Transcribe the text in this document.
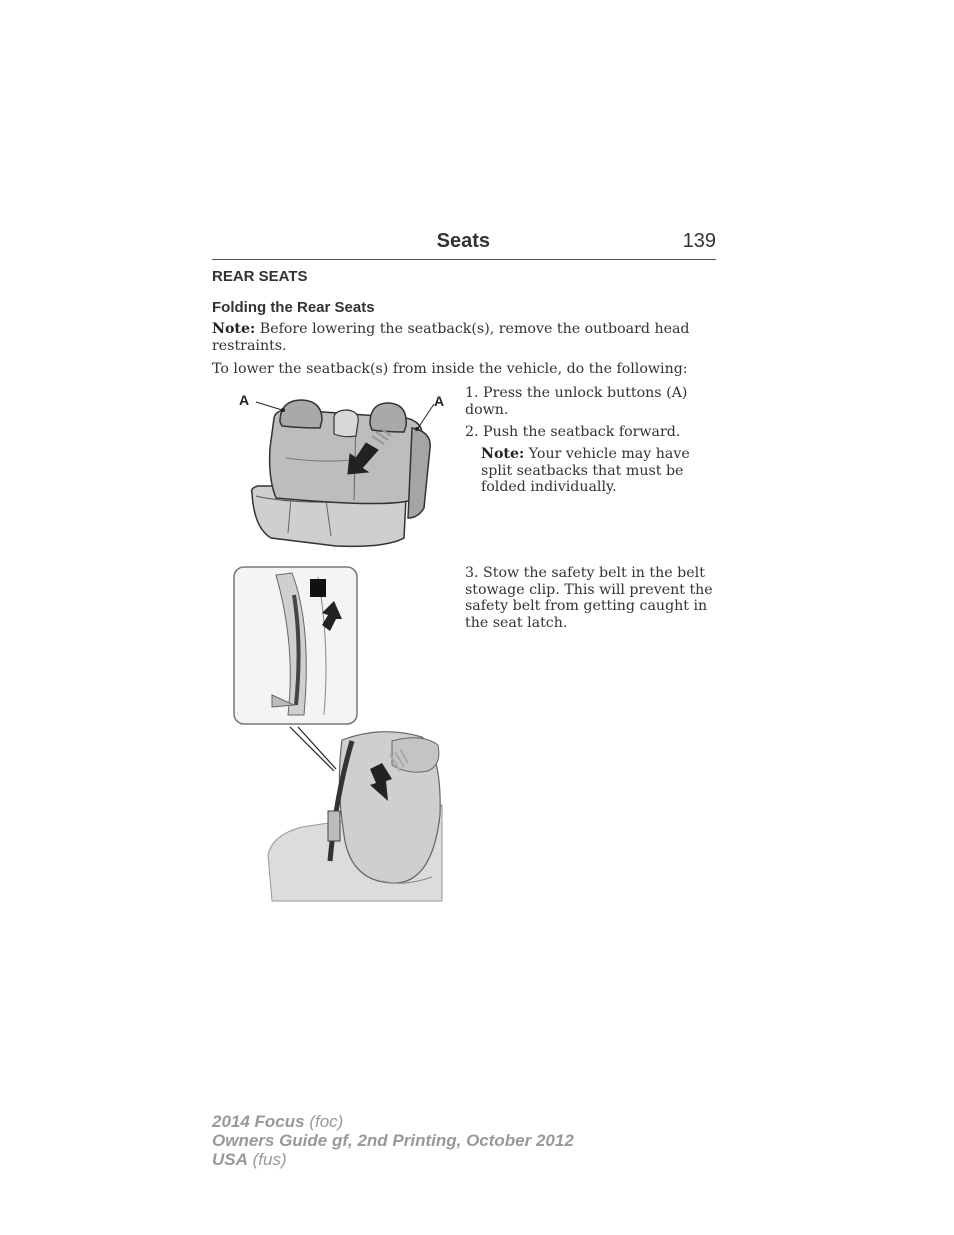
Seats	139
REAR SEATS
Folding the Rear Seats
Note: Before lowering the seatback(s), remove the outboard head restraints.
To lower the seatback(s) from inside the vehicle, do the following:
A	A 1. Press the unlock buttons (A) down.
2. Push the seatback forward.
Note: Your vehicle may have split seatbacks that must be folded individually.
3. Stow the safety belt in the belt stowage clip. This will prevent the safety belt from getting caught in the seat latch.
2014 Focus (foc)
Owners Guide gf, 2nd Printing, October 2012
USA (fus)
